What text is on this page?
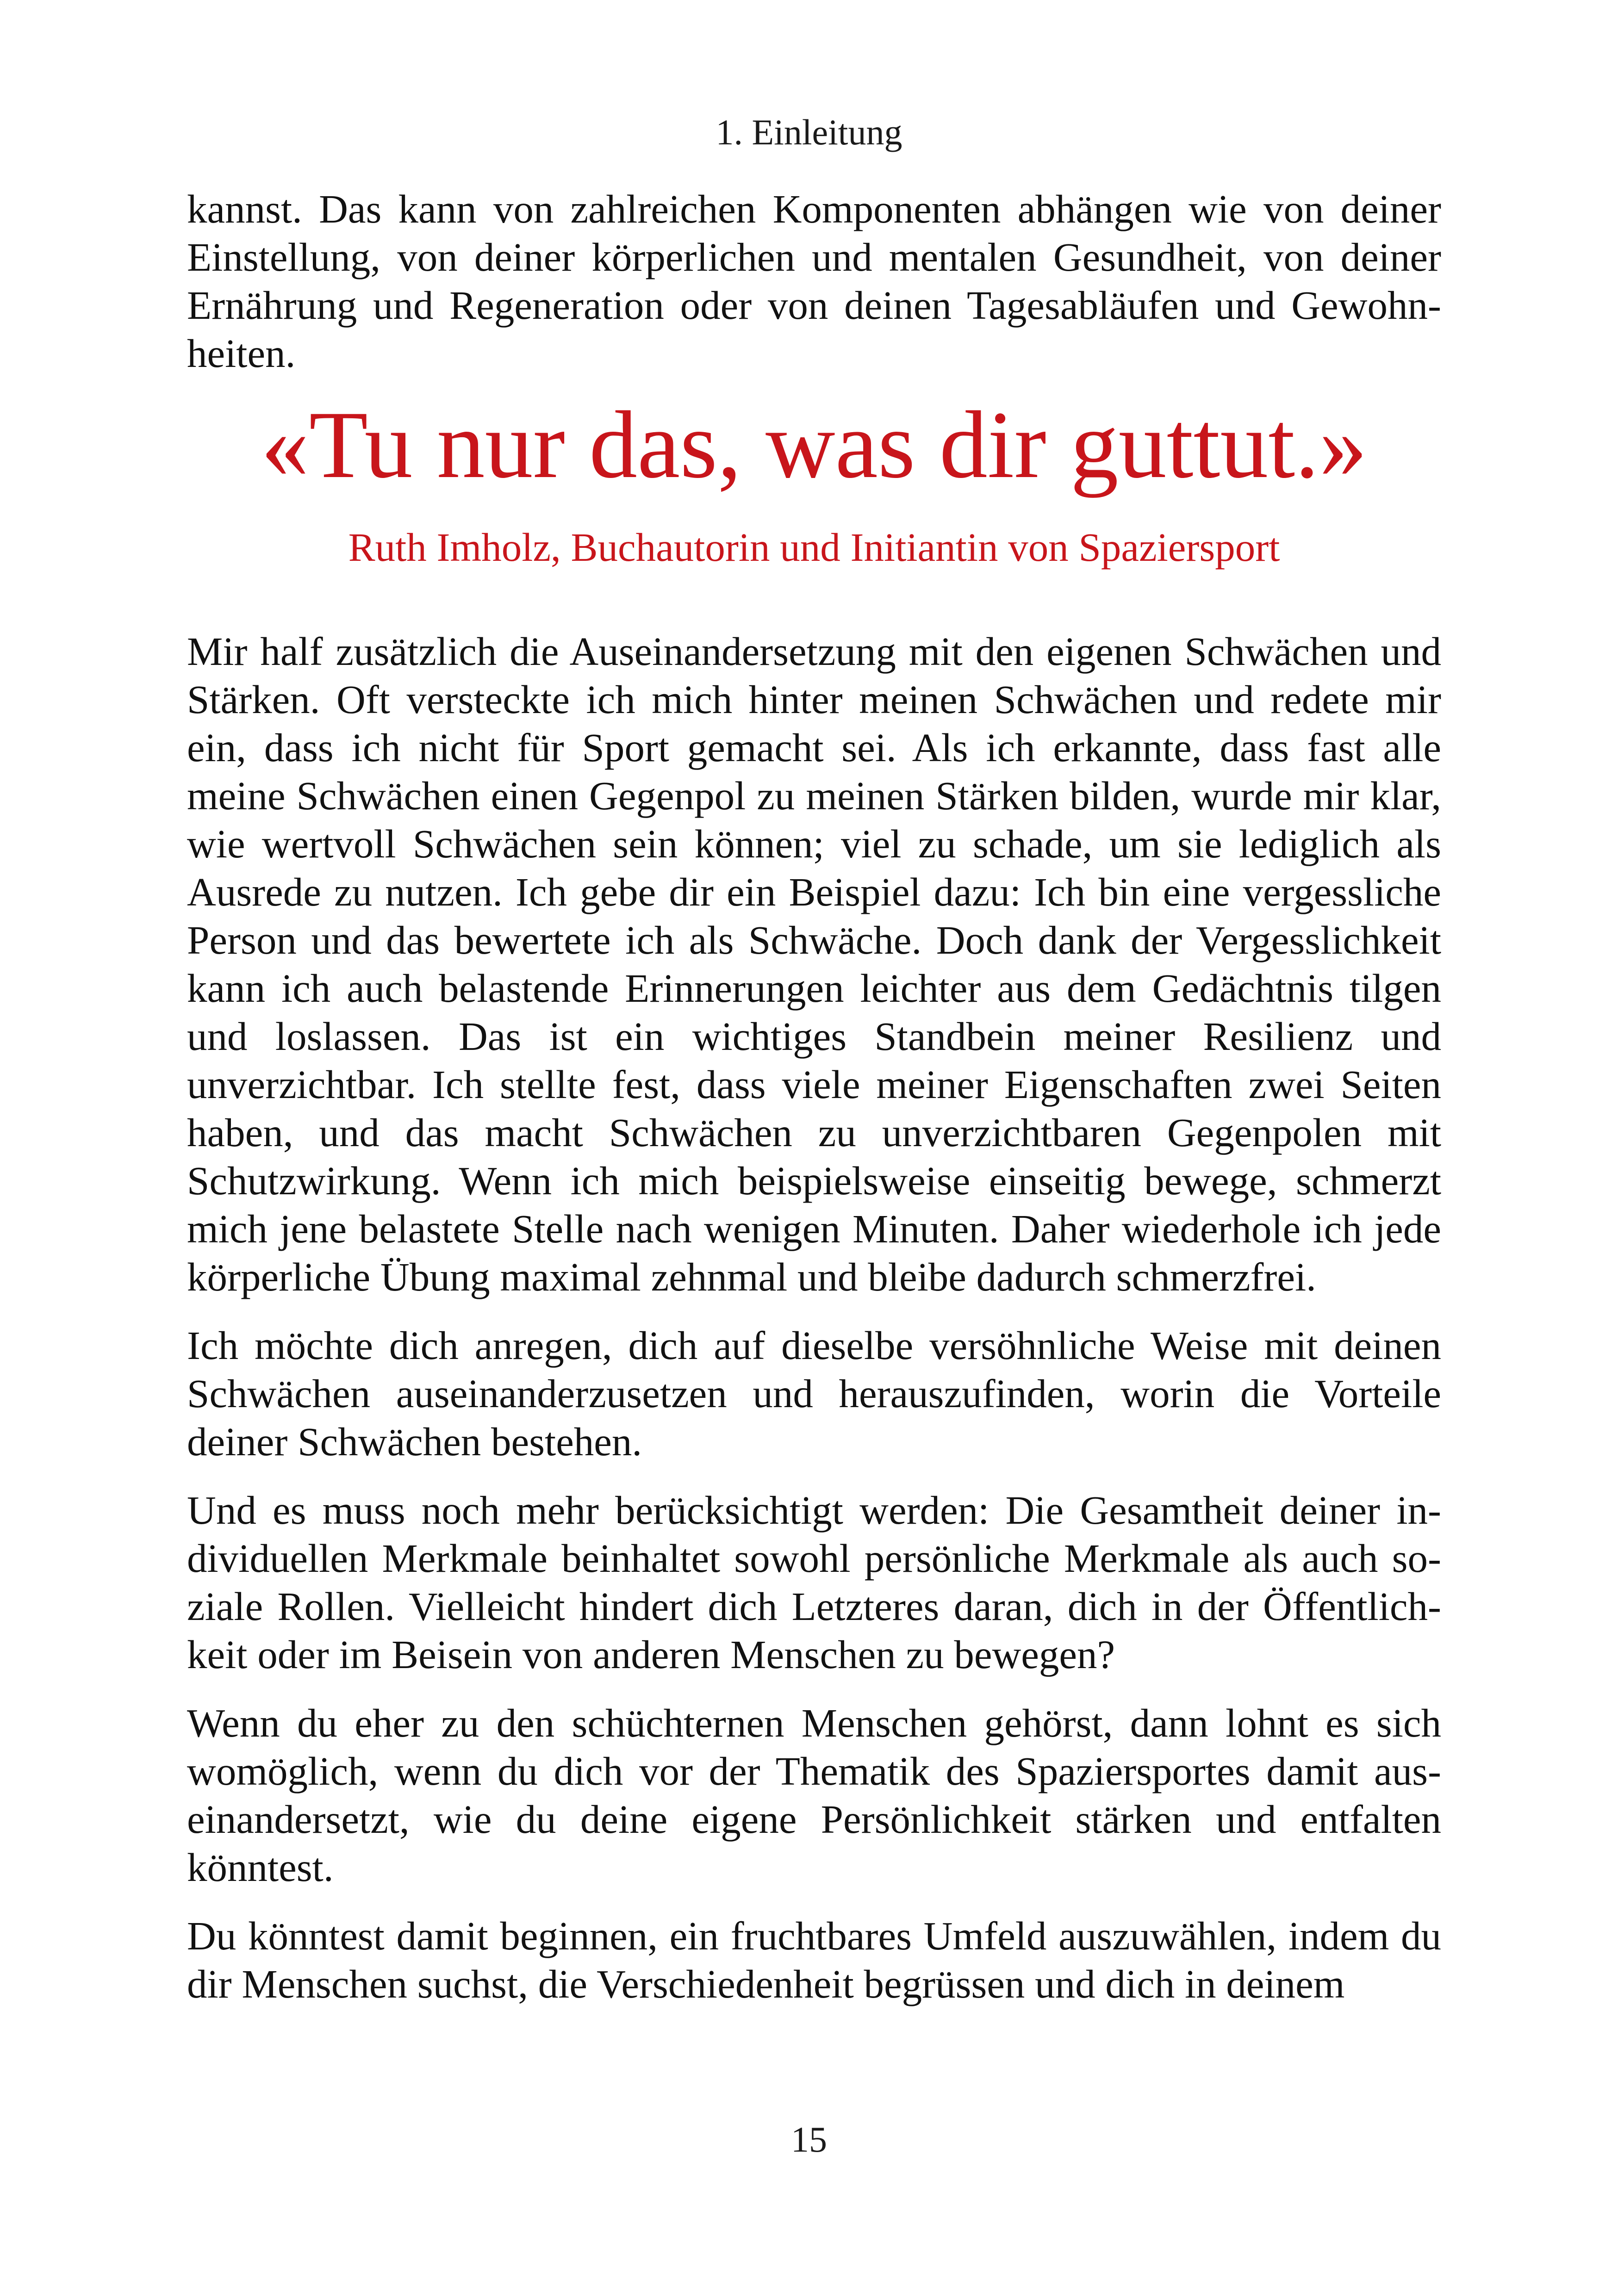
1. Einleitung

kannst. Das kann von zahlreichen Komponenten abhängen wie von deiner Einstellung, von deiner körperlichen und mentalen Gesundheit, von deiner Ernährung und Regeneration oder von deinen Tagesabläufen und Gewohnheiten.

«Tu nur das, was dir guttut.»

Ruth Imholz, Buchautorin und Initiantin von Spaziersport

Mir half zusätzlich die Auseinandersetzung mit den eigenen Schwächen und Stärken. Oft versteckte ich mich hinter meinen Schwächen und redete mir ein, dass ich nicht für Sport gemacht sei. Als ich erkannte, dass fast alle meine Schwächen einen Gegenpol zu meinen Stärken bilden, wurde mir klar, wie wertvoll Schwächen sein können; viel zu schade, um sie lediglich als Ausrede zu nutzen. Ich gebe dir ein Beispiel dazu: Ich bin eine vergessliche Person und das bewertete ich als Schwäche. Doch dank der Vergesslichkeit kann ich auch belastende Erinnerungen leichter aus dem Gedächtnis tilgen und loslassen. Das ist ein wichtiges Standbein meiner Resilienz und unverzichtbar. Ich stellte fest, dass viele meiner Eigenschaften zwei Seiten haben, und das macht Schwächen zu unverzichtbaren Gegenpolen mit Schutzwirkung. Wenn ich mich beispielsweise einseitig bewege, schmerzt mich jene belastete Stelle nach wenigen Minuten. Daher wiederhole ich jede körperliche Übung maximal zehnmal und bleibe dadurch schmerzfrei.

Ich möchte dich anregen, dich auf dieselbe versöhnliche Weise mit deinen Schwächen auseinanderzusetzen und herauszufinden, worin die Vorteile deiner Schwächen bestehen.

Und es muss noch mehr berücksichtigt werden: Die Gesamtheit deiner individuellen Merkmale beinhaltet sowohl persönliche Merkmale als auch soziale Rollen. Vielleicht hindert dich Letzteres daran, dich in der Öffentlichkeit oder im Beisein von anderen Menschen zu bewegen?

Wenn du eher zu den schüchternen Menschen gehörst, dann lohnt es sich womöglich, wenn du dich vor der Thematik des Spaziersportes damit auseinandersetzt, wie du deine eigene Persönlichkeit stärken und entfalten könntest.

Du könntest damit beginnen, ein fruchtbares Umfeld auszuwählen, indem du dir Menschen suchst, die Verschiedenheit begrüssen und dich in deinem

15
